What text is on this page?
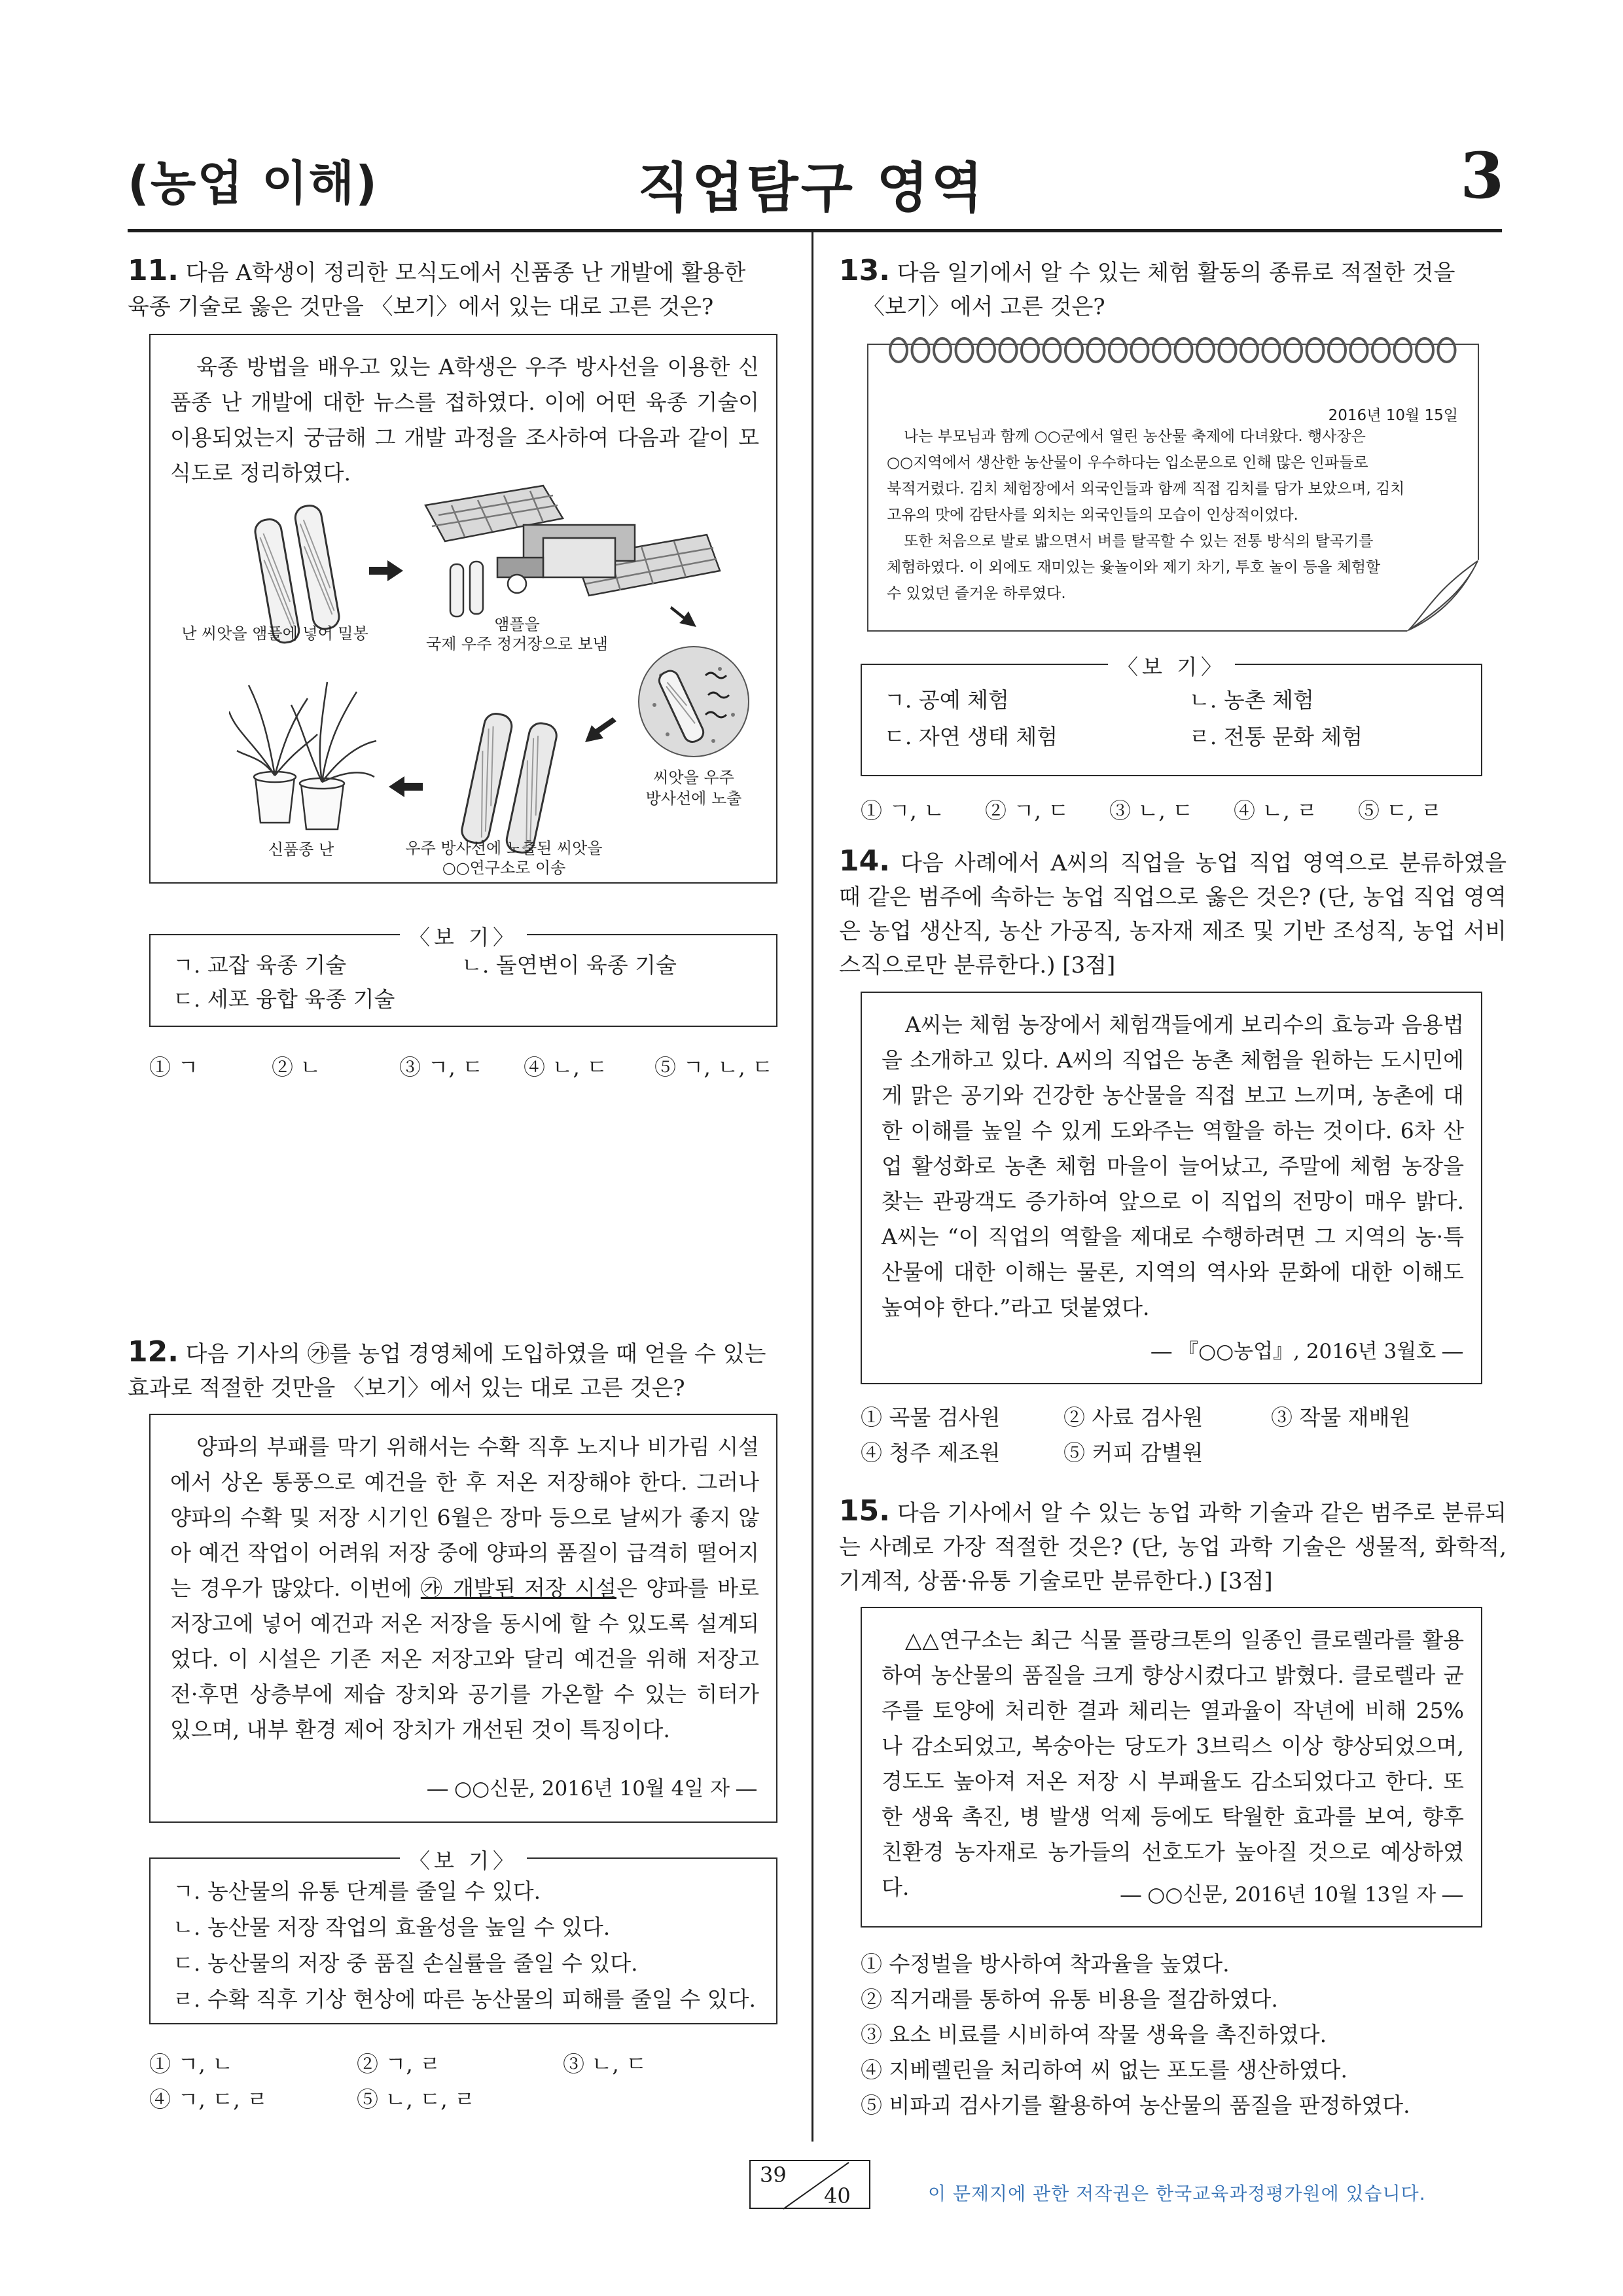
(농업 이해)	직업탐구 영역	3
11. 다음 A학생이 정리한 모식도에서 신품종 난 개발에 활용한
육종 기술로 옳은 것만을 〈보기〉에서 있는 대로 고른 것은?
육종 방법을 배우고 있는 A학생은 우주 방사선을 이용한 신품종 난 개발에 대한 뉴스를 접하였다. 이에 어떤 육종 기술이 이용되었는지 궁금해 그 개발 과정을 조사하여 다음과 같이 모식도로 정리하였다.
난 씨앗을 앰플에 넣어 밀봉	앰플을
국제 우주 정거장으로 보냄
씨앗을 우주
방사선에 노출
우주 방사선에 노출된 씨앗을
○○연구소로 이송
신품종 난
〈보 기〉
ㄱ. 교잡 육종 기술	ㄴ. 돌연변이 육종 기술
ㄷ. 세포 융합 육종 기술
① ㄱ	② ㄴ	③ ㄱ, ㄷ ④ ㄴ, ㄷ ⑤ ㄱ, ㄴ, ㄷ
12. 다음 기사의 ㉮를 농업 경영체에 도입하였을 때 얻을 수 있는
효과로 적절한 것만을 〈보기〉에서 있는 대로 고른 것은?
양파의 부패를 막기 위해서는 수확 직후 노지나 비가림 시설에서 상온 통풍으로 예건을 한 후 저온 저장해야 한다. 그러나 양파의 수확 및 저장 시기인 6월은 장마 등으로 날씨가 좋지 않아 예건 작업이 어려워 저장 중에 양파의 품질이 급격히 떨어지는 경우가 많았다. 이번에 ㉮ 개발된 저장 시설은 양파를 바로 저장고에 넣어 예건과 저온 저장을 동시에 할 수 있도록 설계되었다. 이 시설은 기존 저온 저장고와 달리 예건을 위해 저장고 전·후면 상층부에 제습 장치와 공기를 가온할 수 있는 히터가 있으며, 내부 환경 제어 장치가 개선된 것이 특징이다.
― ○○신문, 2016년 10월 4일 자 ―
〈보 기〉
ㄱ. 농산물의 유통 단계를 줄일 수 있다.
ㄴ. 농산물 저장 작업의 효율성을 높일 수 있다.
ㄷ. 농산물의 저장 중 품질 손실률을 줄일 수 있다.
ㄹ. 수확 직후 기상 현상에 따른 농산물의 피해를 줄일 수 있다.
① ㄱ, ㄴ	② ㄱ, ㄹ	③ ㄴ, ㄷ
④ ㄱ, ㄷ, ㄹ	⑤ ㄴ, ㄷ, ㄹ
13. 다음 일기에서 알 수 있는 체험 활동의 종류로 적절한 것을
〈보기〉에서 고른 것은?
2016년 10월 15일
나는 부모님과 함께 ○○군에서 열린 농산물 축제에 다녀왔다. 행사장은
○○지역에서 생산한 농산물이 우수하다는 입소문으로 인해 많은 인파들로
북적거렸다. 김치 체험장에서 외국인들과 함께 직접 김치를 담가 보았으며, 김치
고유의 맛에 감탄사를 외치는 외국인들의 모습이 인상적이었다.
또한 처음으로 발로 밟으면서 벼를 탈곡할 수 있는 전통 방식의 탈곡기를
체험하였다. 이 외에도 재미있는 윷놀이와 제기 차기, 투호 놀이 등을 체험할
수 있었던 즐거운 하루였다.
〈보 기〉
ㄱ. 공예 체험	ㄴ. 농촌 체험
ㄷ. 자연 생태 체험	ㄹ. 전통 문화 체험
① ㄱ, ㄴ ② ㄱ, ㄷ ③ ㄴ, ㄷ ④ ㄴ, ㄹ ⑤ ㄷ, ㄹ
14. 다음 사례에서 A씨의 직업을 농업 직업 영역으로 분류하였을 때 같은 범주에 속하는 농업 직업으로 옳은 것은? (단, 농업 직업 영역은 농업 생산직, 농산 가공직, 농자재 제조 및 기반 조성직, 농업 서비스직으로만 분류한다.) [3점]
A씨는 체험 농장에서 체험객들에게 보리수의 효능과 음용법을 소개하고 있다. A씨의 직업은 농촌 체험을 원하는 도시민에게 맑은 공기와 건강한 농산물을 직접 보고 느끼며, 농촌에 대한 이해를 높일 수 있게 도와주는 역할을 하는 것이다. 6차 산업 활성화로 농촌 체험 마을이 늘어났고, 주말에 체험 농장을 찾는 관광객도 증가하여 앞으로 이 직업의 전망이 매우 밝다. A씨는 “이 직업의 역할을 제대로 수행하려면 그 지역의 농·특산물에 대한 이해는 물론, 지역의 역사와 문화에 대한 이해도 높여야 한다.”라고 덧붙였다.
― 『○○농업』, 2016년 3월호 ―
① 곡물 검사원	② 사료 검사원	③ 작물 재배원
④ 청주 제조원	⑤ 커피 감별원
15. 다음 기사에서 알 수 있는 농업 과학 기술과 같은 범주로 분류되는 사례로 가장 적절한 것은? (단, 농업 과학 기술은 생물적, 화학적, 기계적, 상품·유통 기술로만 분류한다.) [3점]
△△연구소는 최근 식물 플랑크톤의 일종인 클로렐라를 활용하여 농산물의 품질을 크게 향상시켰다고 밝혔다. 클로렐라 균주를 토양에 처리한 결과 체리는 열과율이 작년에 비해 25%나 감소되었고, 복숭아는 당도가 3브릭스 이상 향상되었으며, 경도도 높아져 저온 저장 시 부패율도 감소되었다고 한다. 또한 생육 촉진, 병 발생 억제 등에도 탁월한 효과를 보여, 향후 친환경 농자재로 농가들의 선호도가 높아질 것으로 예상하였다.	― ○○신문, 2016년 10월 13일 자 ―
① 수정벌을 방사하여 착과율을 높였다.
② 직거래를 통하여 유통 비용을 절감하였다.
③ 요소 비료를 시비하여 작물 생육을 촉진하였다.
④ 지베렐린을 처리하여 씨 없는 포도를 생산하였다.
⑤ 비파괴 검사기를 활용하여 농산물의 품질을 판정하였다.
39
40	이 문제지에 관한 저작권은 한국교육과정평가원에 있습니다.
